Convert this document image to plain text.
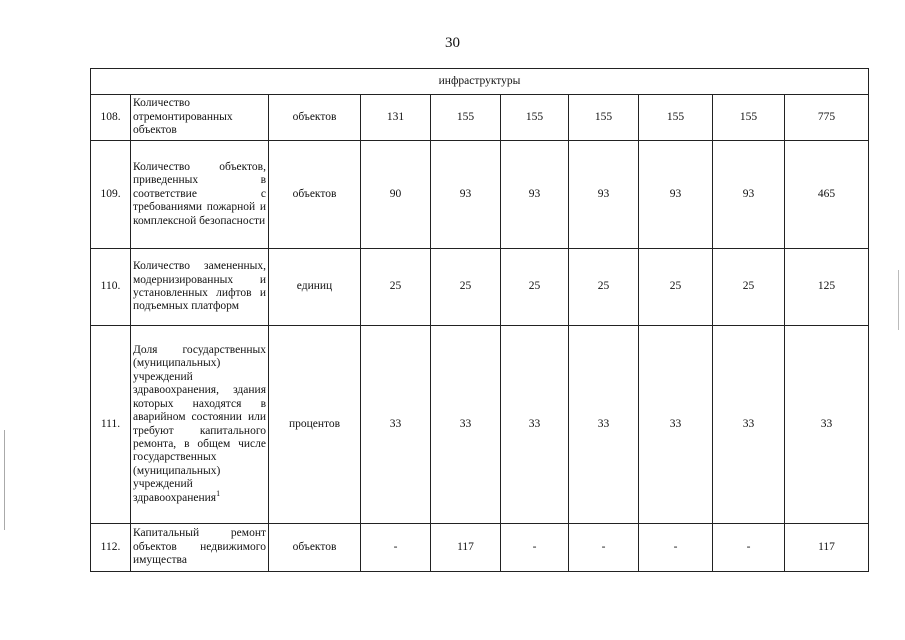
30
инфраструктуры									
108.	Количество отремонтированных объектов	объектов	131	155	155	155	155	155	775
109.	Количество объектов, приведенных в соответствие с требованиями пожарной и комплексной безопасности	объектов	90	93	93	93	93	93	465
110.	Количество замененных, модернизированных и установленных лифтов и подъемных платформ	единиц	25	25	25	25	25	25	125
111.	Доля государственных (муниципальных) учреждений здравоохранения, здания которых находятся в аварийном состоянии или требуют капитального ремонта, в общем числе государственных (муниципальных) учреждений здравоохранения$^1$	процентов	33	33	33	33	33	33	33
112.	Капитальный ремонт объектов недвижимого имущества	объектов	-	117	-	-	-	-	117
